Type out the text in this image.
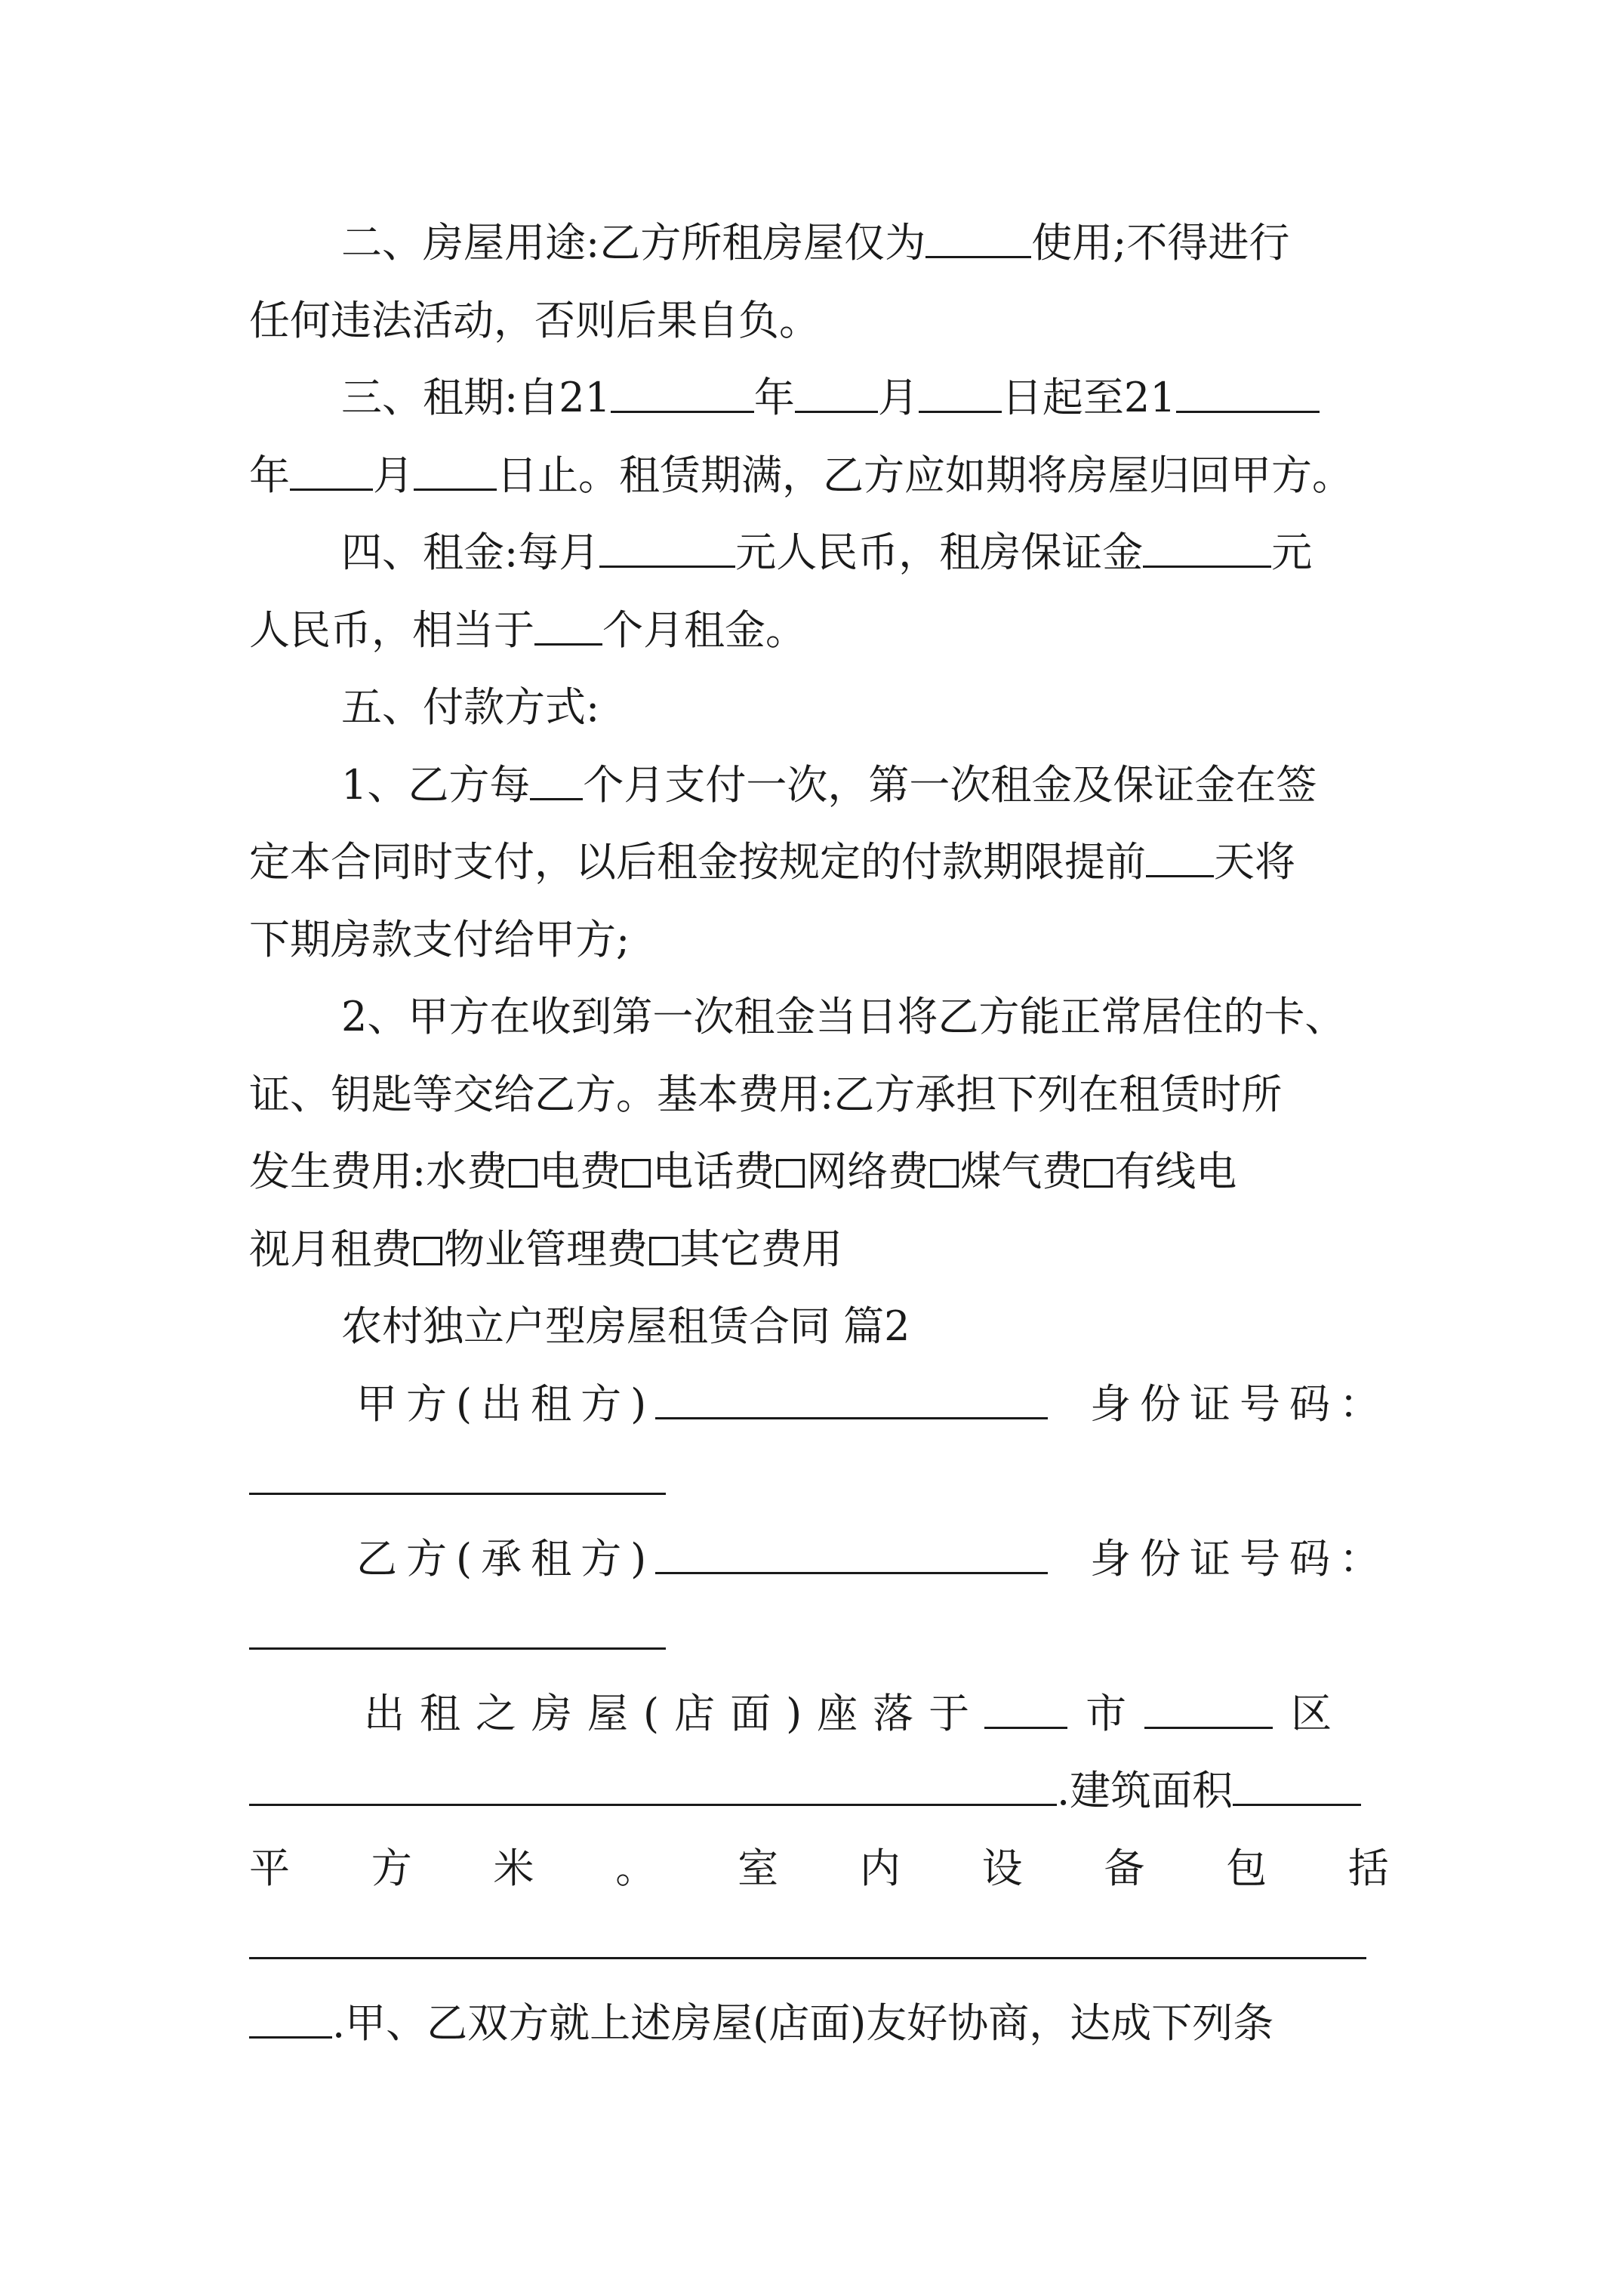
二、房屋用途:乙方所租房屋仅为	使用;不得进行
任何违法活动，否则后果自负。
三、租期:自21	年 月 日起至21
年 月 日止。租赁期满，乙方应如期将房屋归回甲方。
四、租金:每月	元人民币，租房保证金	元
人民币，相当于 个月租金。
五、付款方式:
1、乙方每 个月支付一次，第一次租金及保证金在签
定本合同时支付，以后租金按规定的付款期限提前 天将
下期房款支付给甲方;
2、甲方在收到第一次租金当日将乙方能正常居住的卡、
证、钥匙等交给乙方。基本费用:乙方承担下列在租赁时所
发生费用:水费 电费 电话费 网络费 煤气费 有线电
视月租费 物业管理费 其它费用
农村独立户型房屋租赁合同 篇2
甲方(出租方)	身份证号码：
乙方(承租方)	身份证号码：
出租之房屋(店面)座落于 市	区
.建筑面积
平 方 米 。 室 内 设 备 包 括
.甲、乙双方就上述房屋(店面)友好协商，达成下列条
